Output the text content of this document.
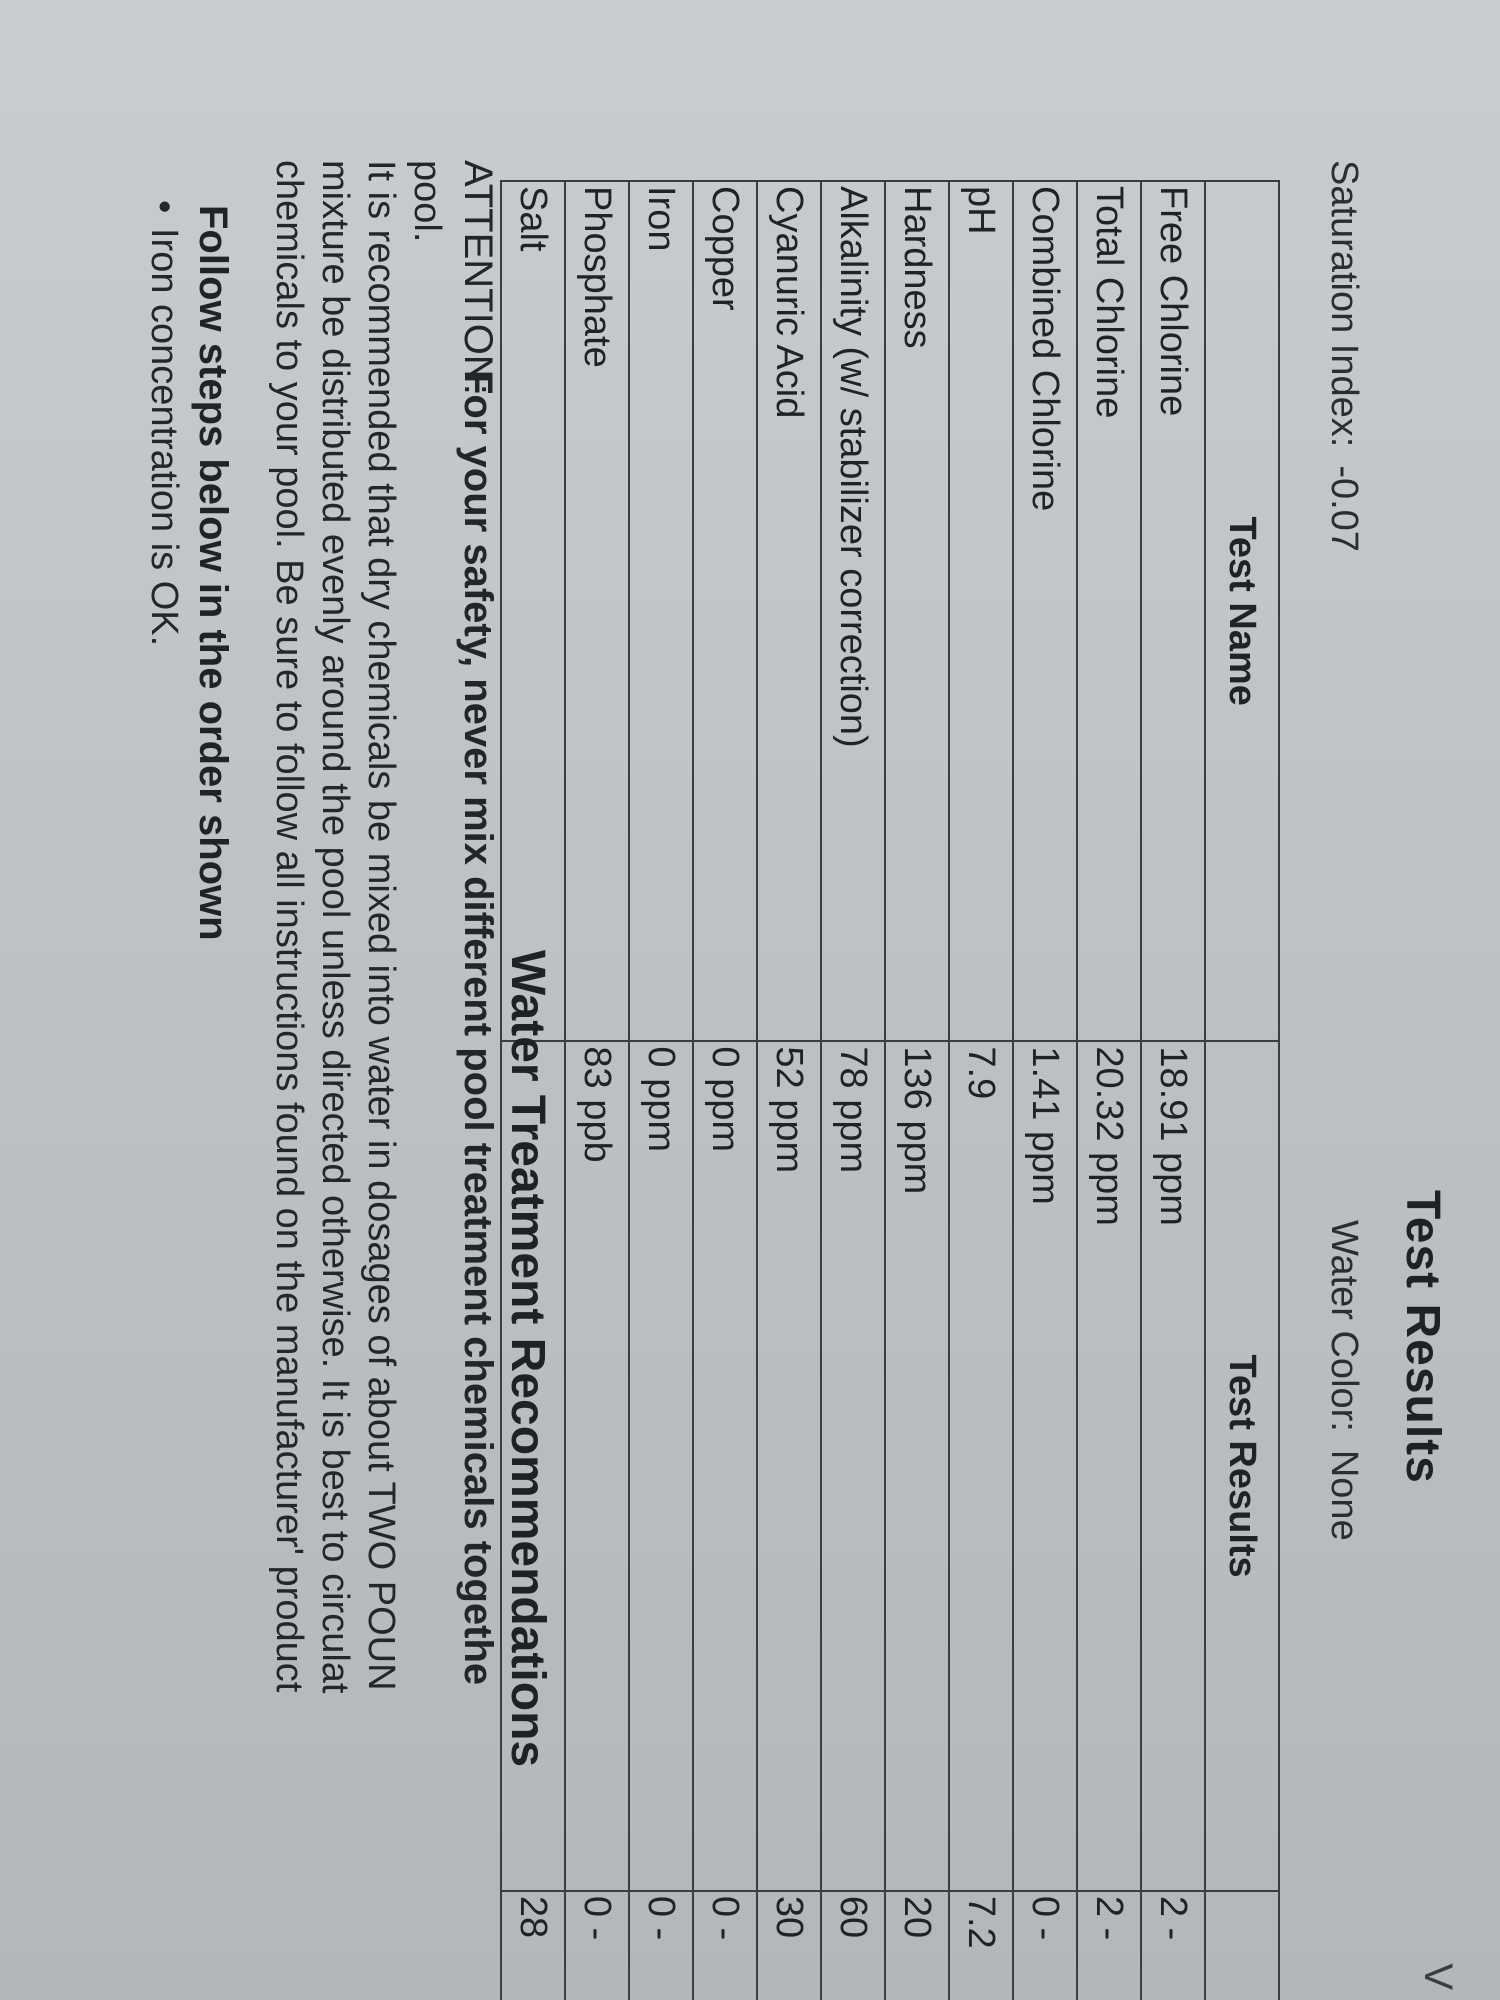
V
Test Results
Saturation Index:-0.07
Water Color:None
Test Name	Test Results	
Free Chlorine	18.91 ppm	2 -
Total Chlorine	20.32 ppm	2 -
Combined Chlorine	1.41 ppm	0 -
pH	7.9	7.2
Hardness	136 ppm	20
Alkalinity (w/ stabilizer correction)	78 ppm	60
Cyanuric Acid	52 ppm	30
Copper	0 ppm	0 -
Iron	0 ppm	0 -
Phosphate	83 ppb	0 -
Salt		28
Water Treatment Recommendations
ATTENTION:For your safety, never mix different pool treatment chemicals togethe
pool.
It is recommended that dry chemicals be mixed into water in dosages of about TWO POUN
mixture be distributed evenly around the pool unless directed otherwise. It is best to circulat
chemicals to your pool. Be sure to follow all instructions found on the manufacturer' product
Follow steps below in the order shown
•Iron concentration is OK.
